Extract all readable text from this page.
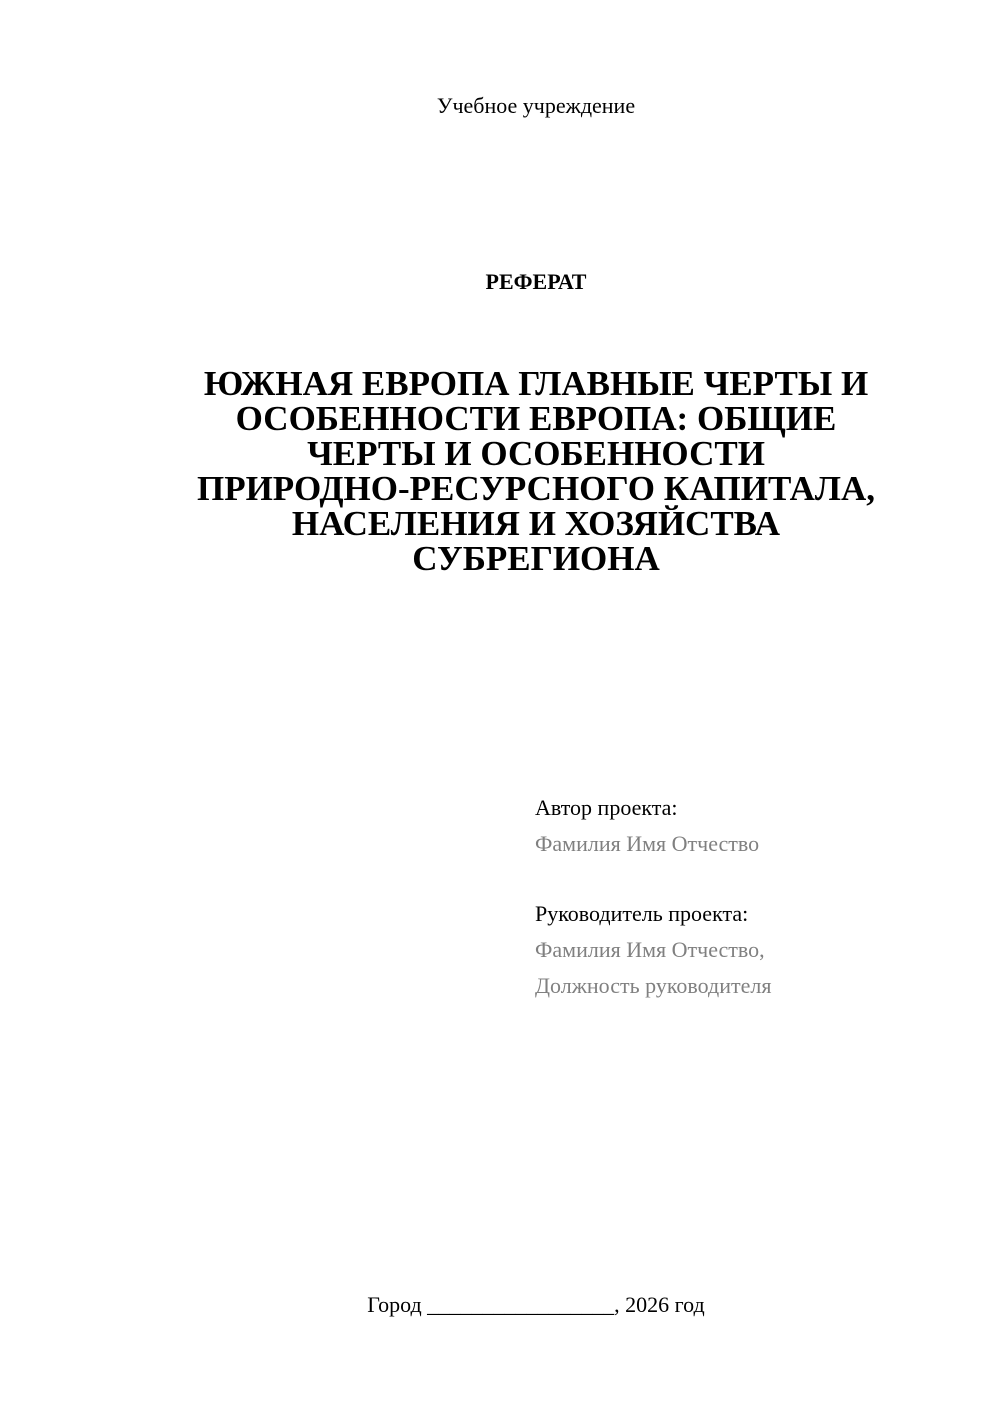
Учебное учреждение
РЕФЕРАТ
ЮЖНАЯ ЕВРОПА ГЛАВНЫЕ ЧЕРТЫ И
ОСОБЕННОСТИ ЕВРОПА: ОБЩИЕ
ЧЕРТЫ И ОСОБЕННОСТИ
ПРИРОДНО-РЕСУРСНОГО КАПИТАЛА,
НАСЕЛЕНИЯ И ХОЗЯЙСТВА
СУБРЕГИОНА
Автор проекта:
Фамилия Имя Отчество
Руководитель проекта:
Фамилия Имя Отчество,
Должность руководителя
Город _________________, 2026 год
